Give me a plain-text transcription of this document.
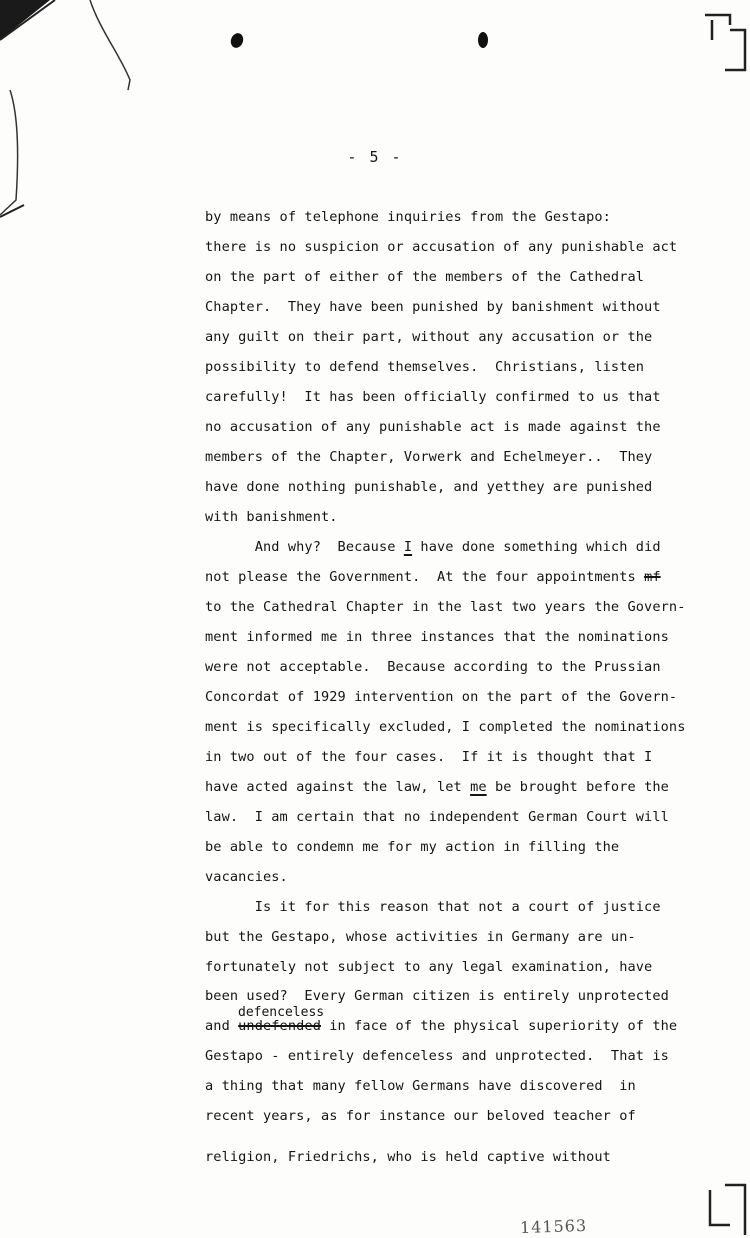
- 5 -
by means of telephone inquiries from the Gestapo:
there is no suspicion or accusation of any punishable act
on the part of either of the members of the Cathedral
Chapter.  They have been punished by banishment without
any guilt on their part, without any accusation or the
possibility to defend themselves.  Christians, listen
carefully!  It has been officially confirmed to us that
no accusation of any punishable act is made against the
members of the Chapter, Vorwerk and Echelmeyer..  They
have done nothing punishable, and yetthey are punished
with banishment.
And why?  Because I have done something which did
not please the Government.  At the four appointments mf
to the Cathedral Chapter in the last two years the Govern-
ment informed me in three instances that the nominations
were not acceptable.  Because according to the Prussian
Concordat of 1929 intervention on the part of the Govern-
ment is specifically excluded, I completed the nominations
in two out of the four cases.  If it is thought that I
have acted against the law, let me be brought before the
law.  I am certain that no independent German Court will
be able to condemn me for my action in filling the
vacancies.
Is it for this reason that not a court of justice
but the Gestapo, whose activities in Germany are un-
fortunately not subject to any legal examination, have
been used?  Every German citizen is entirely unprotected
defenceless
and undefended in face of the physical superiority of the
Gestapo - entirely defenceless and unprotected.  That is
a thing that many fellow Germans have discovered  in
recent years, as for instance our beloved teacher of
religion, Friedrichs, who is held captive without
141563
